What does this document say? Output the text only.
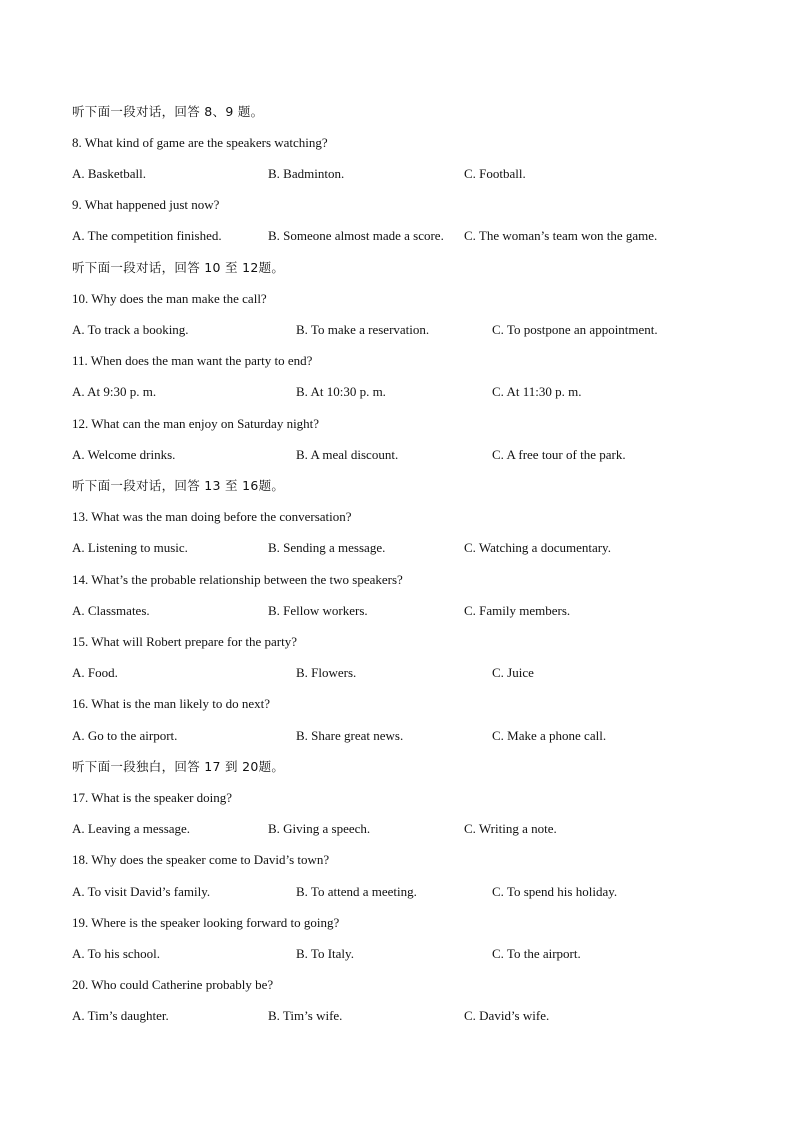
听下面一段对话，回答 8、9 题。
8. What kind of game are the speakers watching?
A. Basketball.	B. Badminton.	C. Football.
9. What happened just now?
A. The competition finished.	B. Someone almost made a score. C. The woman’s team won the game.
听下面一段对话，回答 10 至 12题。
10. Why does the man make the call?
A. To track a booking.	B. To make a reservation.	C. To postpone an appointment.
11. When does the man want the party to end?
A. At 9:30 p. m.	B. At 10:30 p. m.	C. At 11:30 p. m.
12. What can the man enjoy on Saturday night?
A. Welcome drinks.	B. A meal discount.	C. A free tour of the park.
听下面一段对话，回答 13 至 16题。
13. What was the man doing before the conversation?
A. Listening to music.	B. Sending a message.	C. Watching a documentary.
14. What’s the probable relationship between the two speakers?
A. Classmates.	B. Fellow workers.	C. Family members.
15. What will Robert prepare for the party?
A. Food.	B. Flowers.	C. Juice
16. What is the man likely to do next?
A. Go to the airport.	B. Share great news.	C. Make a phone call.
听下面一段独白，回答 17 到 20题。
17. What is the speaker doing?
A. Leaving a message.	B. Giving a speech.	C. Writing a note.
18. Why does the speaker come to David’s town?
A. To visit David’s family.	B. To attend a meeting.	C. To spend his holiday.
19. Where is the speaker looking forward to going?
A. To his school.	B. To Italy.	C. To the airport.
20. Who could Catherine probably be?
A. Tim’s daughter.	B. Tim’s wife.	C. David’s wife.
